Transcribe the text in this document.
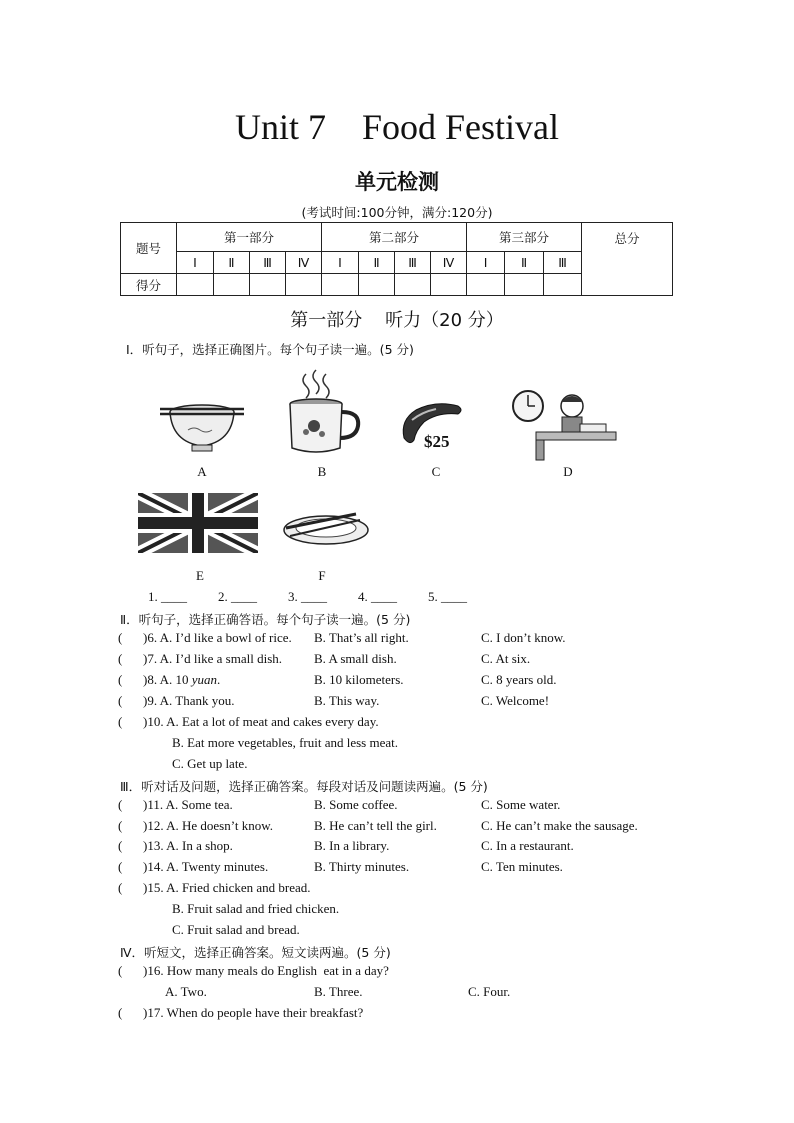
Unit 7    Food Festival
单元检测
(考试时间:100分钟，满分:120分)
题号	第一部分				第二部分				第三部分			总分
	Ⅰ	Ⅱ	Ⅲ	Ⅳ	Ⅰ	Ⅱ	Ⅲ	Ⅳ	Ⅰ	Ⅱ	Ⅲ	
得分												
第一部分    听力（20 分）
Ⅰ．听句子，选择正确图片。每个句子读一遍。(5 分)
A	B
$25
C	D
E	F
1. ____ 2. ____ 3. ____ 4. ____ 5. ____
Ⅱ．听句子，选择正确答语。每个句子读一遍。(5 分)
( )6. A. I’d like a bowl of rice. B. That’s all right.	C. I don’t know.
( )7. A. I’d like a small dish. B. A small dish.	C. At six.
( )8. A. 10 yuan.	B. 10 kilometers.	C. 8 years old.
( )9. A. Thank you.	B. This way.	C. Welcome!
( )10. A. Eat a lot of meat and cakes every day.
B. Eat more vegetables, fruit and less meat.
C. Get up late.
Ⅲ．听对话及问题，选择正确答案。每段对话及问题读两遍。(5 分)
( )11. A. Some tea.	B. Some coffee.	C. Some water.
( )12. A. He doesn’t know.	B. He can’t tell the girl.	C. He can’t make the sausage.
( )13. A. In a shop.	B. In a library.	C. In a restaurant.
( )14. A. Twenty minutes.	B. Thirty minutes.	C. Ten minutes.
( )15. A. Fried chicken and bread.
B. Fruit salad and fried chicken.
C. Fruit salad and bread.
Ⅳ．听短文，选择正确答案。短文读两遍。(5 分)
( )16. How many meals do English  eat in a day?
A. Two.	B. Three.	C. Four.
( )17. When do people have their breakfast?
